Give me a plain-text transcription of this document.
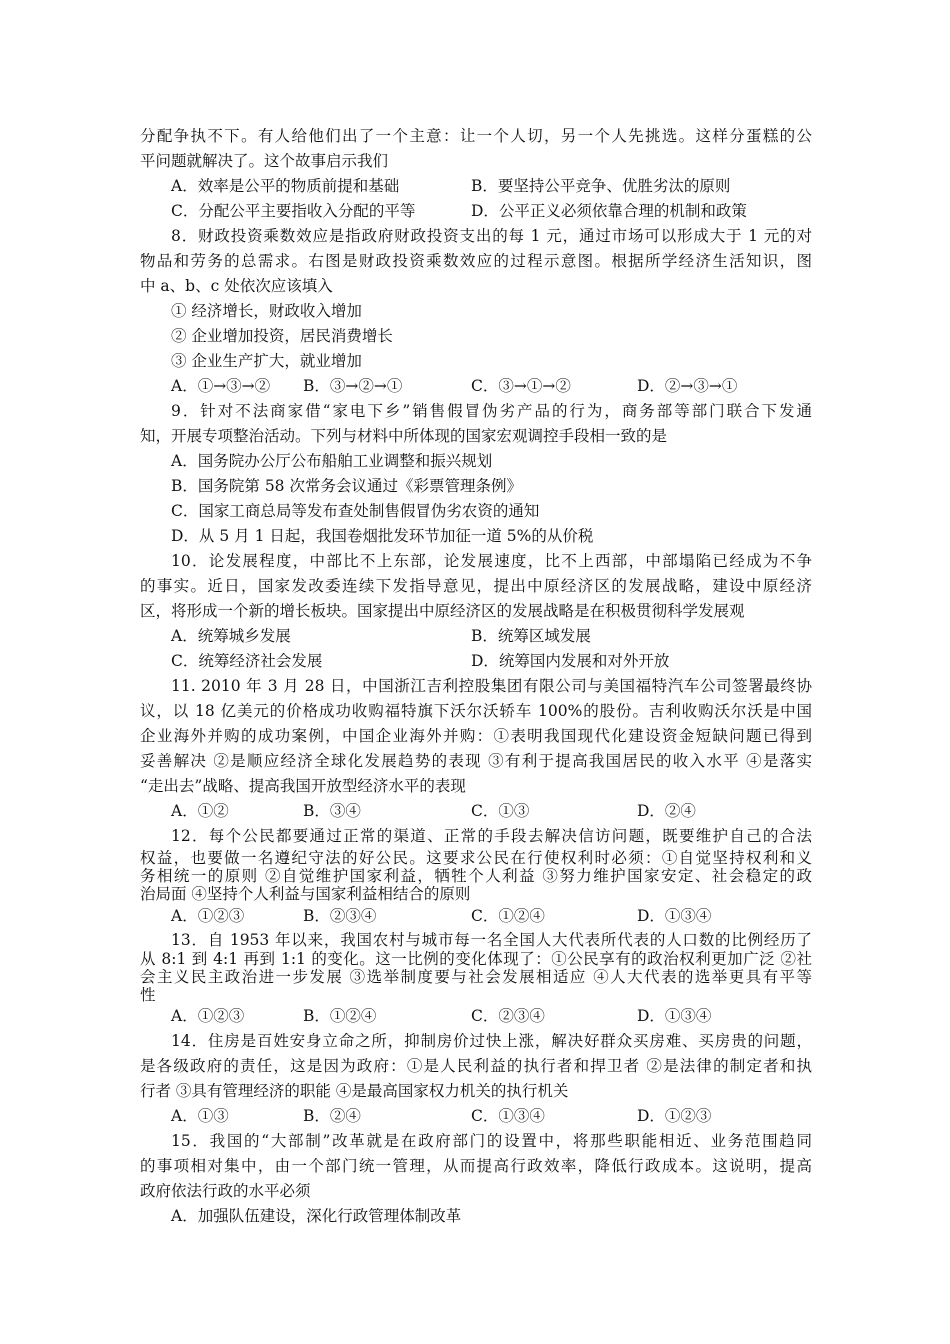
分配争执不下。有人给他们出了一个主意：让一个人切，另一个人先挑选。这样分蛋糕的公
平问题就解决了。这个故事启示我们
A．效率是公平的物质前提和基础	B．要坚持公平竞争、优胜劣汰的原则
C．分配公平主要指收入分配的平等	D．公平正义必须依靠合理的机制和政策
8．财政投资乘数效应是指政府财政投资支出的每 1 元，通过市场可以形成大于 1 元的对
物品和劳务的总需求。右图是财政投资乘数效应的过程示意图。根据所学经济生活知识，图
中 a、b、c 处依次应该填入
① 经济增长，财政收入增加
② 企业增加投资，居民消费增长
③ 企业生产扩大，就业增加
A．①→③→② B．③→②→①	C．③→①→②	D．②→③→①
9．针对不法商家借“家电下乡”销售假冒伪劣产品的行为，商务部等部门联合下发通
知，开展专项整治活动。下列与材料中所体现的国家宏观调控手段相一致的是
A．国务院办公厅公布船舶工业调整和振兴规划
B．国务院第 58 次常务会议通过《彩票管理条例》
C．国家工商总局等发布查处制售假冒伪劣农资的通知
D．从 5 月 1 日起，我国卷烟批发环节加征一道 5%的从价税
10．论发展程度，中部比不上东部，论发展速度，比不上西部，中部塌陷已经成为不争
的事实。近日，国家发改委连续下发指导意见，提出中原经济区的发展战略，建设中原经济
区，将形成一个新的增长板块。国家提出中原经济区的发展战略是在积极贯彻科学发展观
A．统筹城乡发展	B．统筹区域发展
C．统筹经济社会发展	D．统筹国内发展和对外开放
11. 2010 年 3 月 28 日，中国浙江吉利控股集团有限公司与美国福特汽车公司签署最终协
议，以 18 亿美元的价格成功收购福特旗下沃尔沃轿车 100%的股份。吉利收购沃尔沃是中国
企业海外并购的成功案例，中国企业海外并购：①表明我国现代化建设资金短缺问题已得到
妥善解决 ②是顺应经济全球化发展趋势的表现 ③有利于提高我国居民的收入水平 ④是落实
“走出去”战略、提高我国开放型经济水平的表现
A．①②	B．③④	C．①③	D．②④
12．每个公民都要通过正常的渠道、正常的手段去解决信访问题，既要维护自己的合法
权益，也要做一名遵纪守法的好公民。这要求公民在行使权利时必须：①自觉坚持权利和义
务相统一的原则 ②自觉维护国家利益，牺牲个人利益 ③努力维护国家安定、社会稳定的政
治局面 ④坚持个人利益与国家利益相结合的原则
A．①②③	B．②③④	C．①②④	D．①③④
13．自 1953 年以来，我国农村与城市每一名全国人大代表所代表的人口数的比例经历了
从 8:1 到 4:1 再到 1:1 的变化。这一比例的变化体现了：①公民享有的政治权利更加广泛 ②社
会主义民主政治进一步发展 ③选举制度要与社会发展相适应 ④人大代表的选举更具有平等
性
A．①②③	B．①②④	C．②③④	D．①③④
14．住房是百姓安身立命之所，抑制房价过快上涨，解决好群众买房难、买房贵的问题，
是各级政府的责任，这是因为政府：①是人民利益的执行者和捍卫者 ②是法律的制定者和执
行者 ③具有管理经济的职能 ④是最高国家权力机关的执行机关
A．①③	B．②④	C．①③④	D．①②③
15．我国的“大部制”改革就是在政府部门的设置中，将那些职能相近、业务范围趋同
的事项相对集中，由一个部门统一管理，从而提高行政效率，降低行政成本。这说明，提高
政府依法行政的水平必须
A．加强队伍建设，深化行政管理体制改革
